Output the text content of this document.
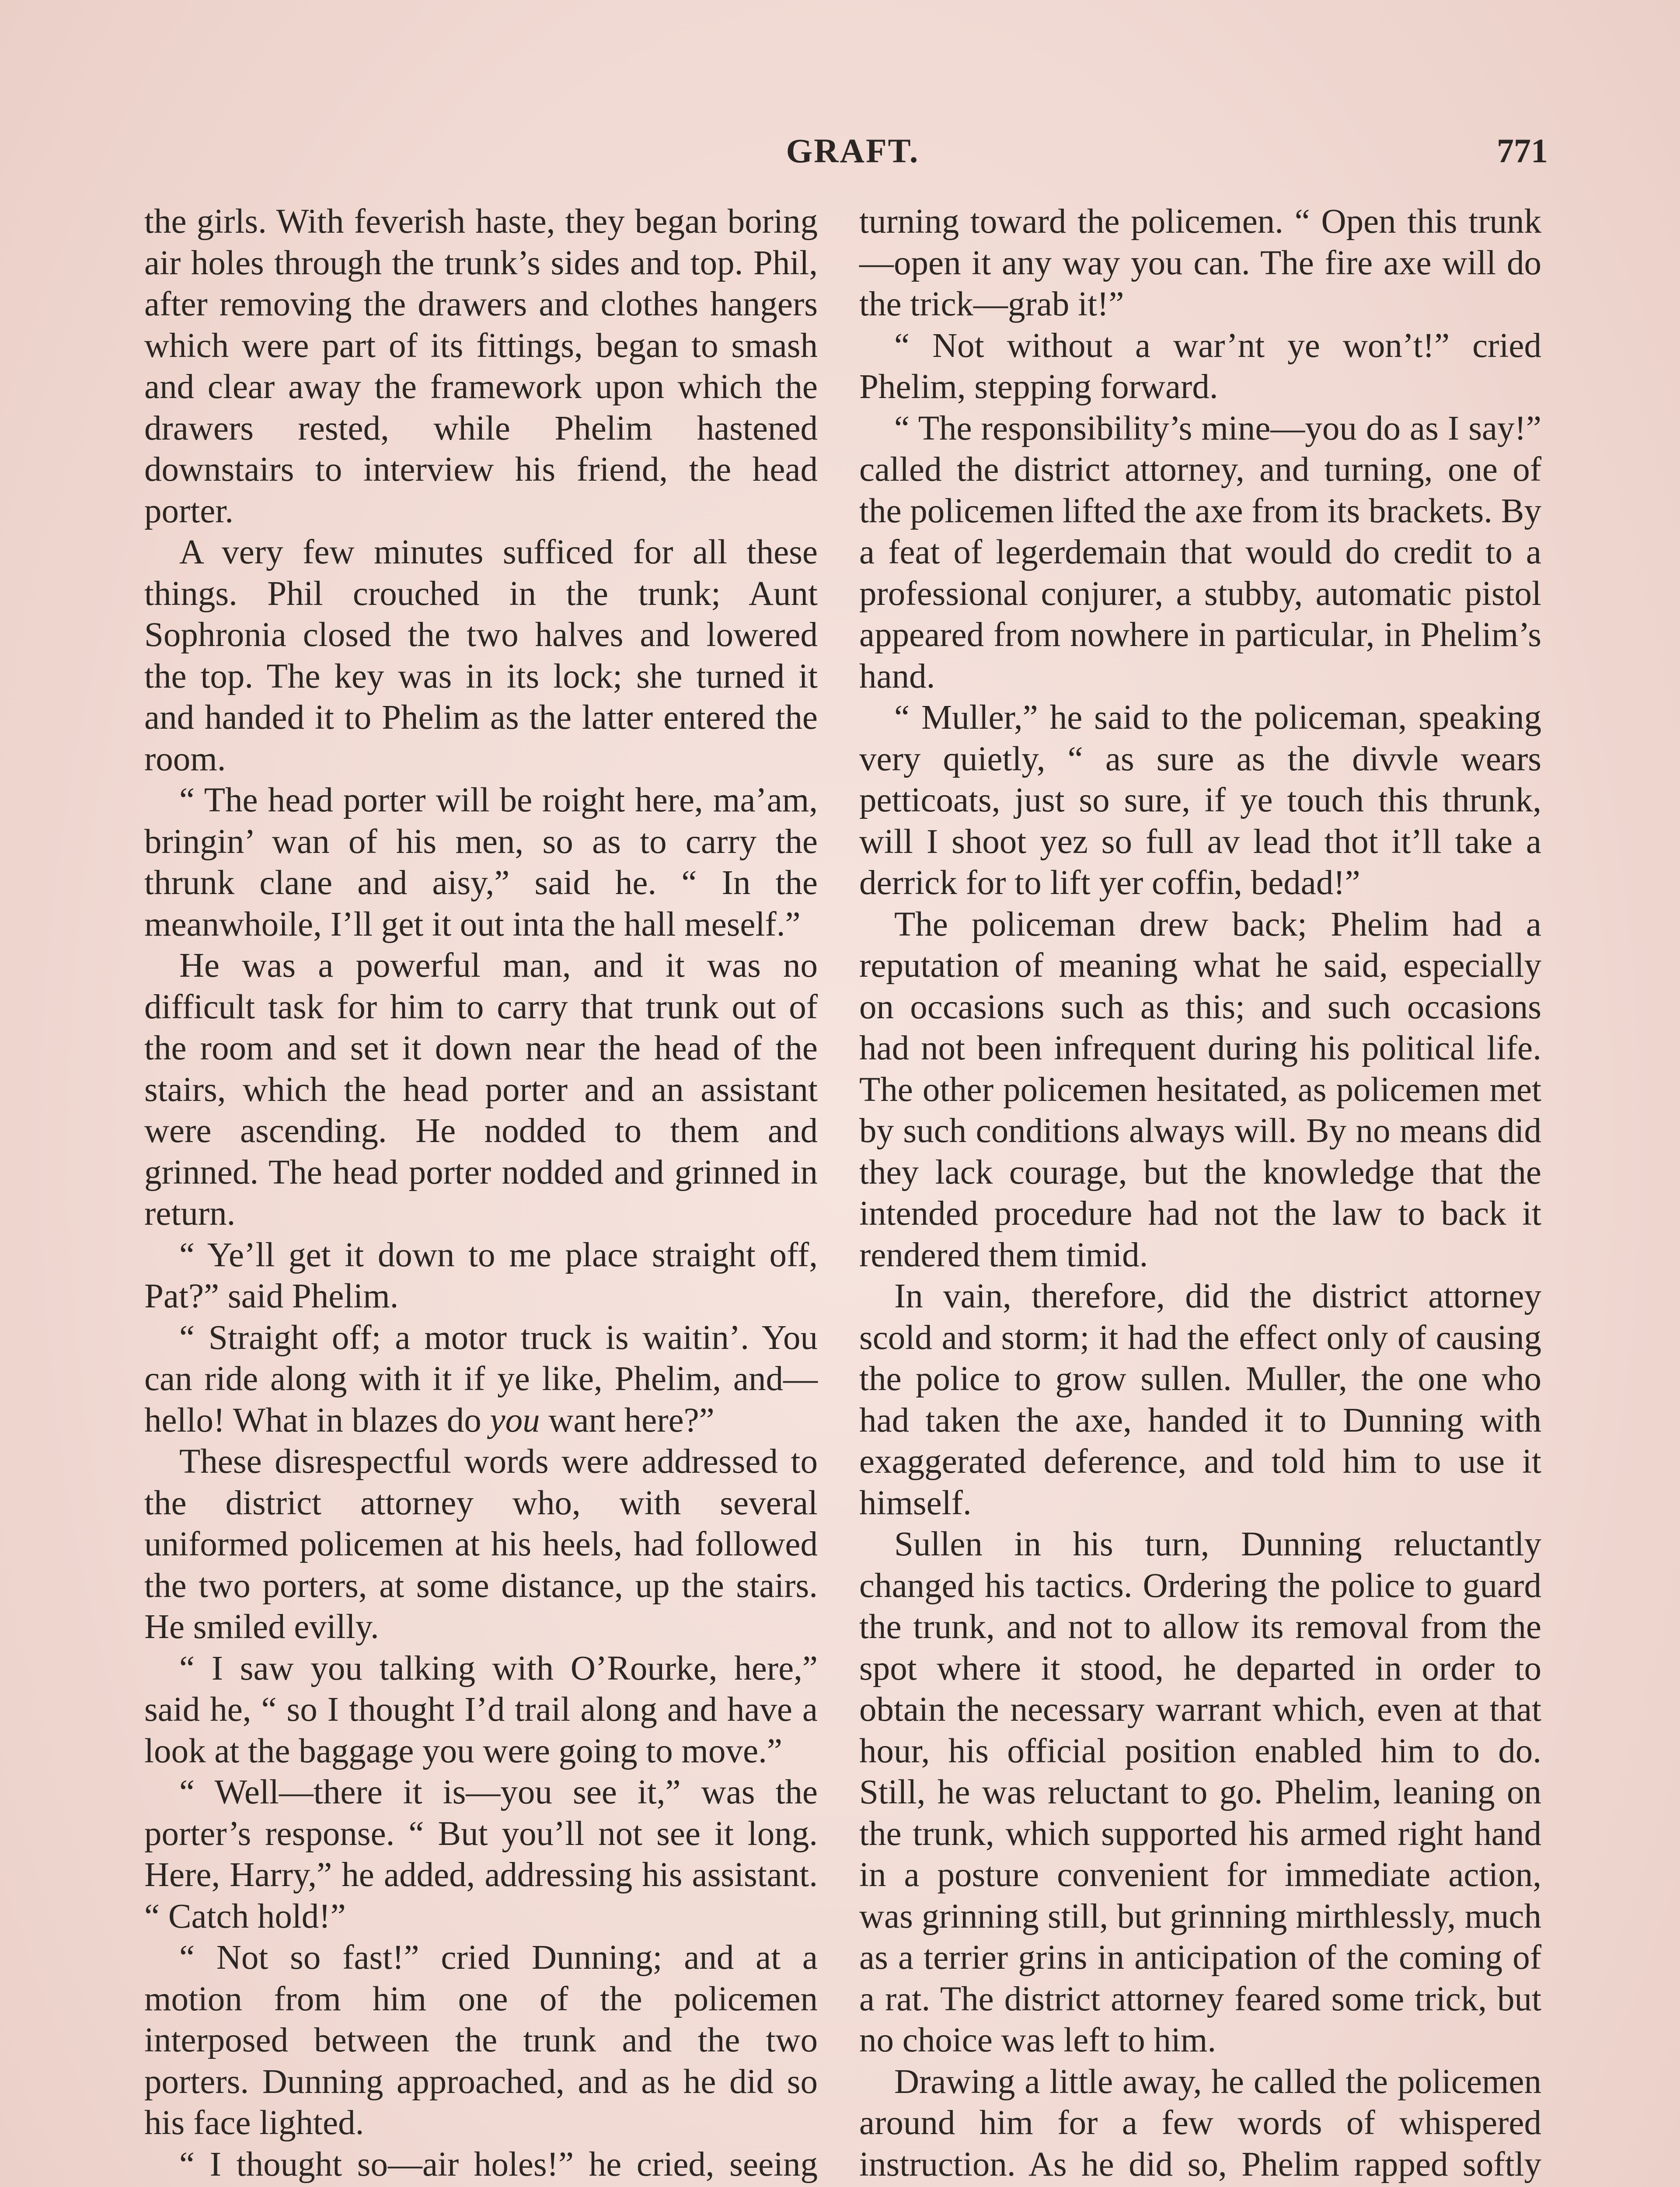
GRAFT.	771

the girls. With feverish haste, they began boring air holes through the trunk’s sides and top. Phil, after removing the drawers and clothes hangers which were part of its fittings, began to smash and clear away the framework upon which the drawers rested, while Phelim hastened downstairs to interview his friend, the head porter.

A very few minutes sufficed for all these things. Phil crouched in the trunk; Aunt Sophronia closed the two halves and lowered the top. The key was in its lock; she turned it and handed it to Phelim as the latter entered the room.

“ The head porter will be roight here, ma’am, bringin’ wan of his men, so as to carry the thrunk clane and aisy,” said he. “ In the meanwhoile, I’ll get it out inta the hall meself.”

He was a powerful man, and it was no difficult task for him to carry that trunk out of the room and set it down near the head of the stairs, which the head porter and an assistant were ascending. He nodded to them and grinned. The head porter nodded and grinned in return.

“ Ye’ll get it down to me place straight off, Pat?” said Phelim.

“ Straight off; a motor truck is waitin’. You can ride along with it if ye like, Phelim, and—hello! What in blazes do you want here?”

These disrespectful words were addressed to the district attorney who, with several uniformed policemen at his heels, had followed the two porters, at some distance, up the stairs. He smiled evilly.

“ I saw you talking with O’Rourke, here,” said he, “ so I thought I’d trail along and have a look at the baggage you were going to move.”

“ Well—there it is—you see it,” was the porter’s response. “ But you’ll not see it long. Here, Harry,” he added, addressing his assistant. “ Catch hold!”

“ Not so fast!” cried Dunning; and at a motion from him one of the policemen interposed between the trunk and the two porters. Dunning approached, and as he did so his face lighted.

“ I thought so—air holes!” he cried, seeing

turning toward the policemen. “ Open this trunk—open it any way you can. The fire axe will do the trick—grab it!”

“ Not without a war’nt ye won’t!” cried Phelim, stepping forward.

“ The responsibility’s mine—you do as I say!” called the district attorney, and turning, one of the policemen lifted the axe from its brackets. By a feat of legerdemain that would do credit to a professional conjurer, a stubby, automatic pistol appeared from nowhere in particular, in Phelim’s hand.

“ Muller,” he said to the policeman, speaking very quietly, “ as sure as the divvle wears petticoats, just so sure, if ye touch this thrunk, will I shoot yez so full av lead thot it’ll take a derrick for to lift yer coffin, bedad!”

The policeman drew back; Phelim had a reputation of meaning what he said, especially on occasions such as this; and such occasions had not been infrequent during his political life. The other policemen hesitated, as policemen met by such conditions always will. By no means did they lack courage, but the knowledge that the intended procedure had not the law to back it rendered them timid.

In vain, therefore, did the district attorney scold and storm; it had the effect only of causing the police to grow sullen. Muller, the one who had taken the axe, handed it to Dunning with exaggerated deference, and told him to use it himself.

Sullen in his turn, Dunning reluctantly changed his tactics. Ordering the police to guard the trunk, and not to allow its removal from the spot where it stood, he departed in order to obtain the necessary warrant which, even at that hour, his official position enabled him to do. Still, he was reluctant to go. Phelim, leaning on the trunk, which supported his armed right hand in a posture convenient for immediate action, was grinning still, but grinning mirthlessly, much as a terrier grins in anticipation of the coming of a rat. The district attorney feared some trick, but no choice was left to him.

Drawing a little away, he called the policemen around him for a few words of whispered instruction. As he did so, Phelim rapped softly
